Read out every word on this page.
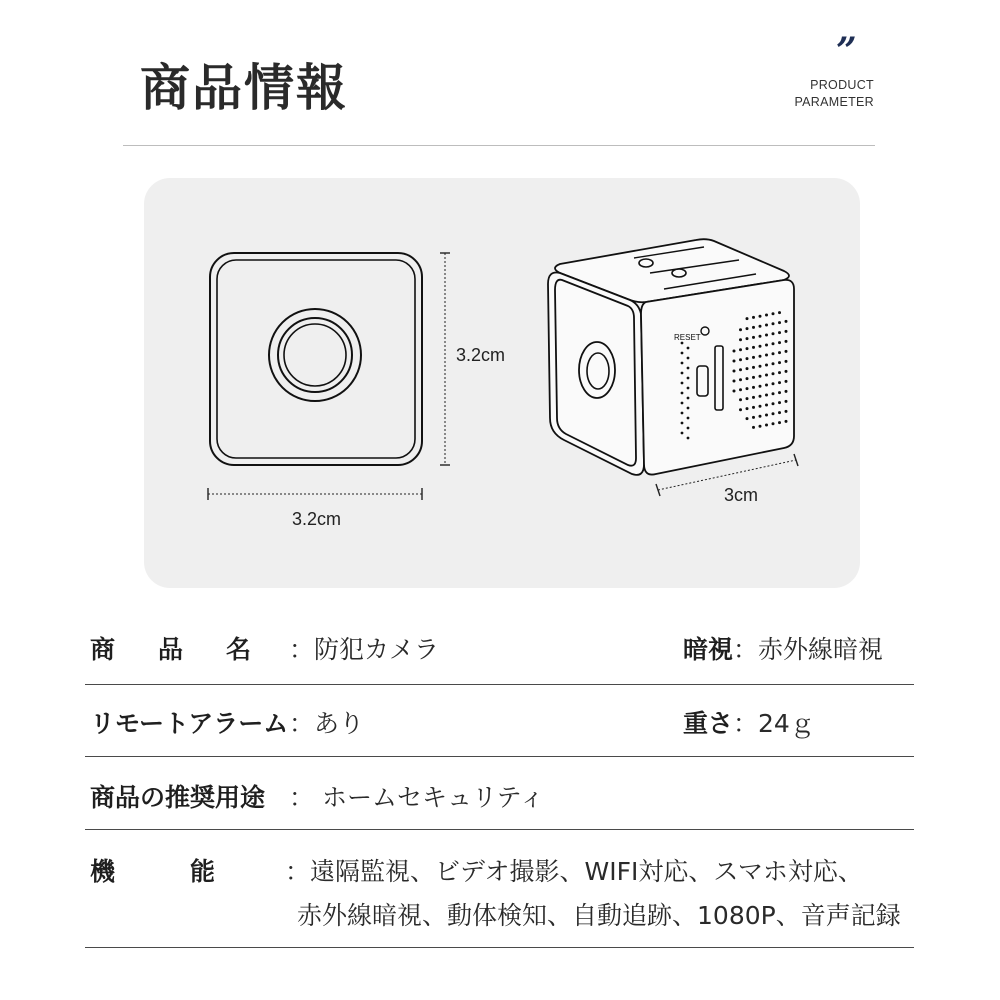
商品情報
”
PRODUCT
PARAMETER
RESET
3.2cm
3.2cm
3cm
商品名
：防犯カメラ	暗視 ：赤外線暗視
リモートアラーム ：あり	重さ ：24ｇ
商品の推奨用途 ： ホームセキュリティ
機能
：遠隔監視、ビデオ撮影、WIFI対応、スマホ対応、
赤外線暗視、動体検知、自動追跡、1080P、音声記録
